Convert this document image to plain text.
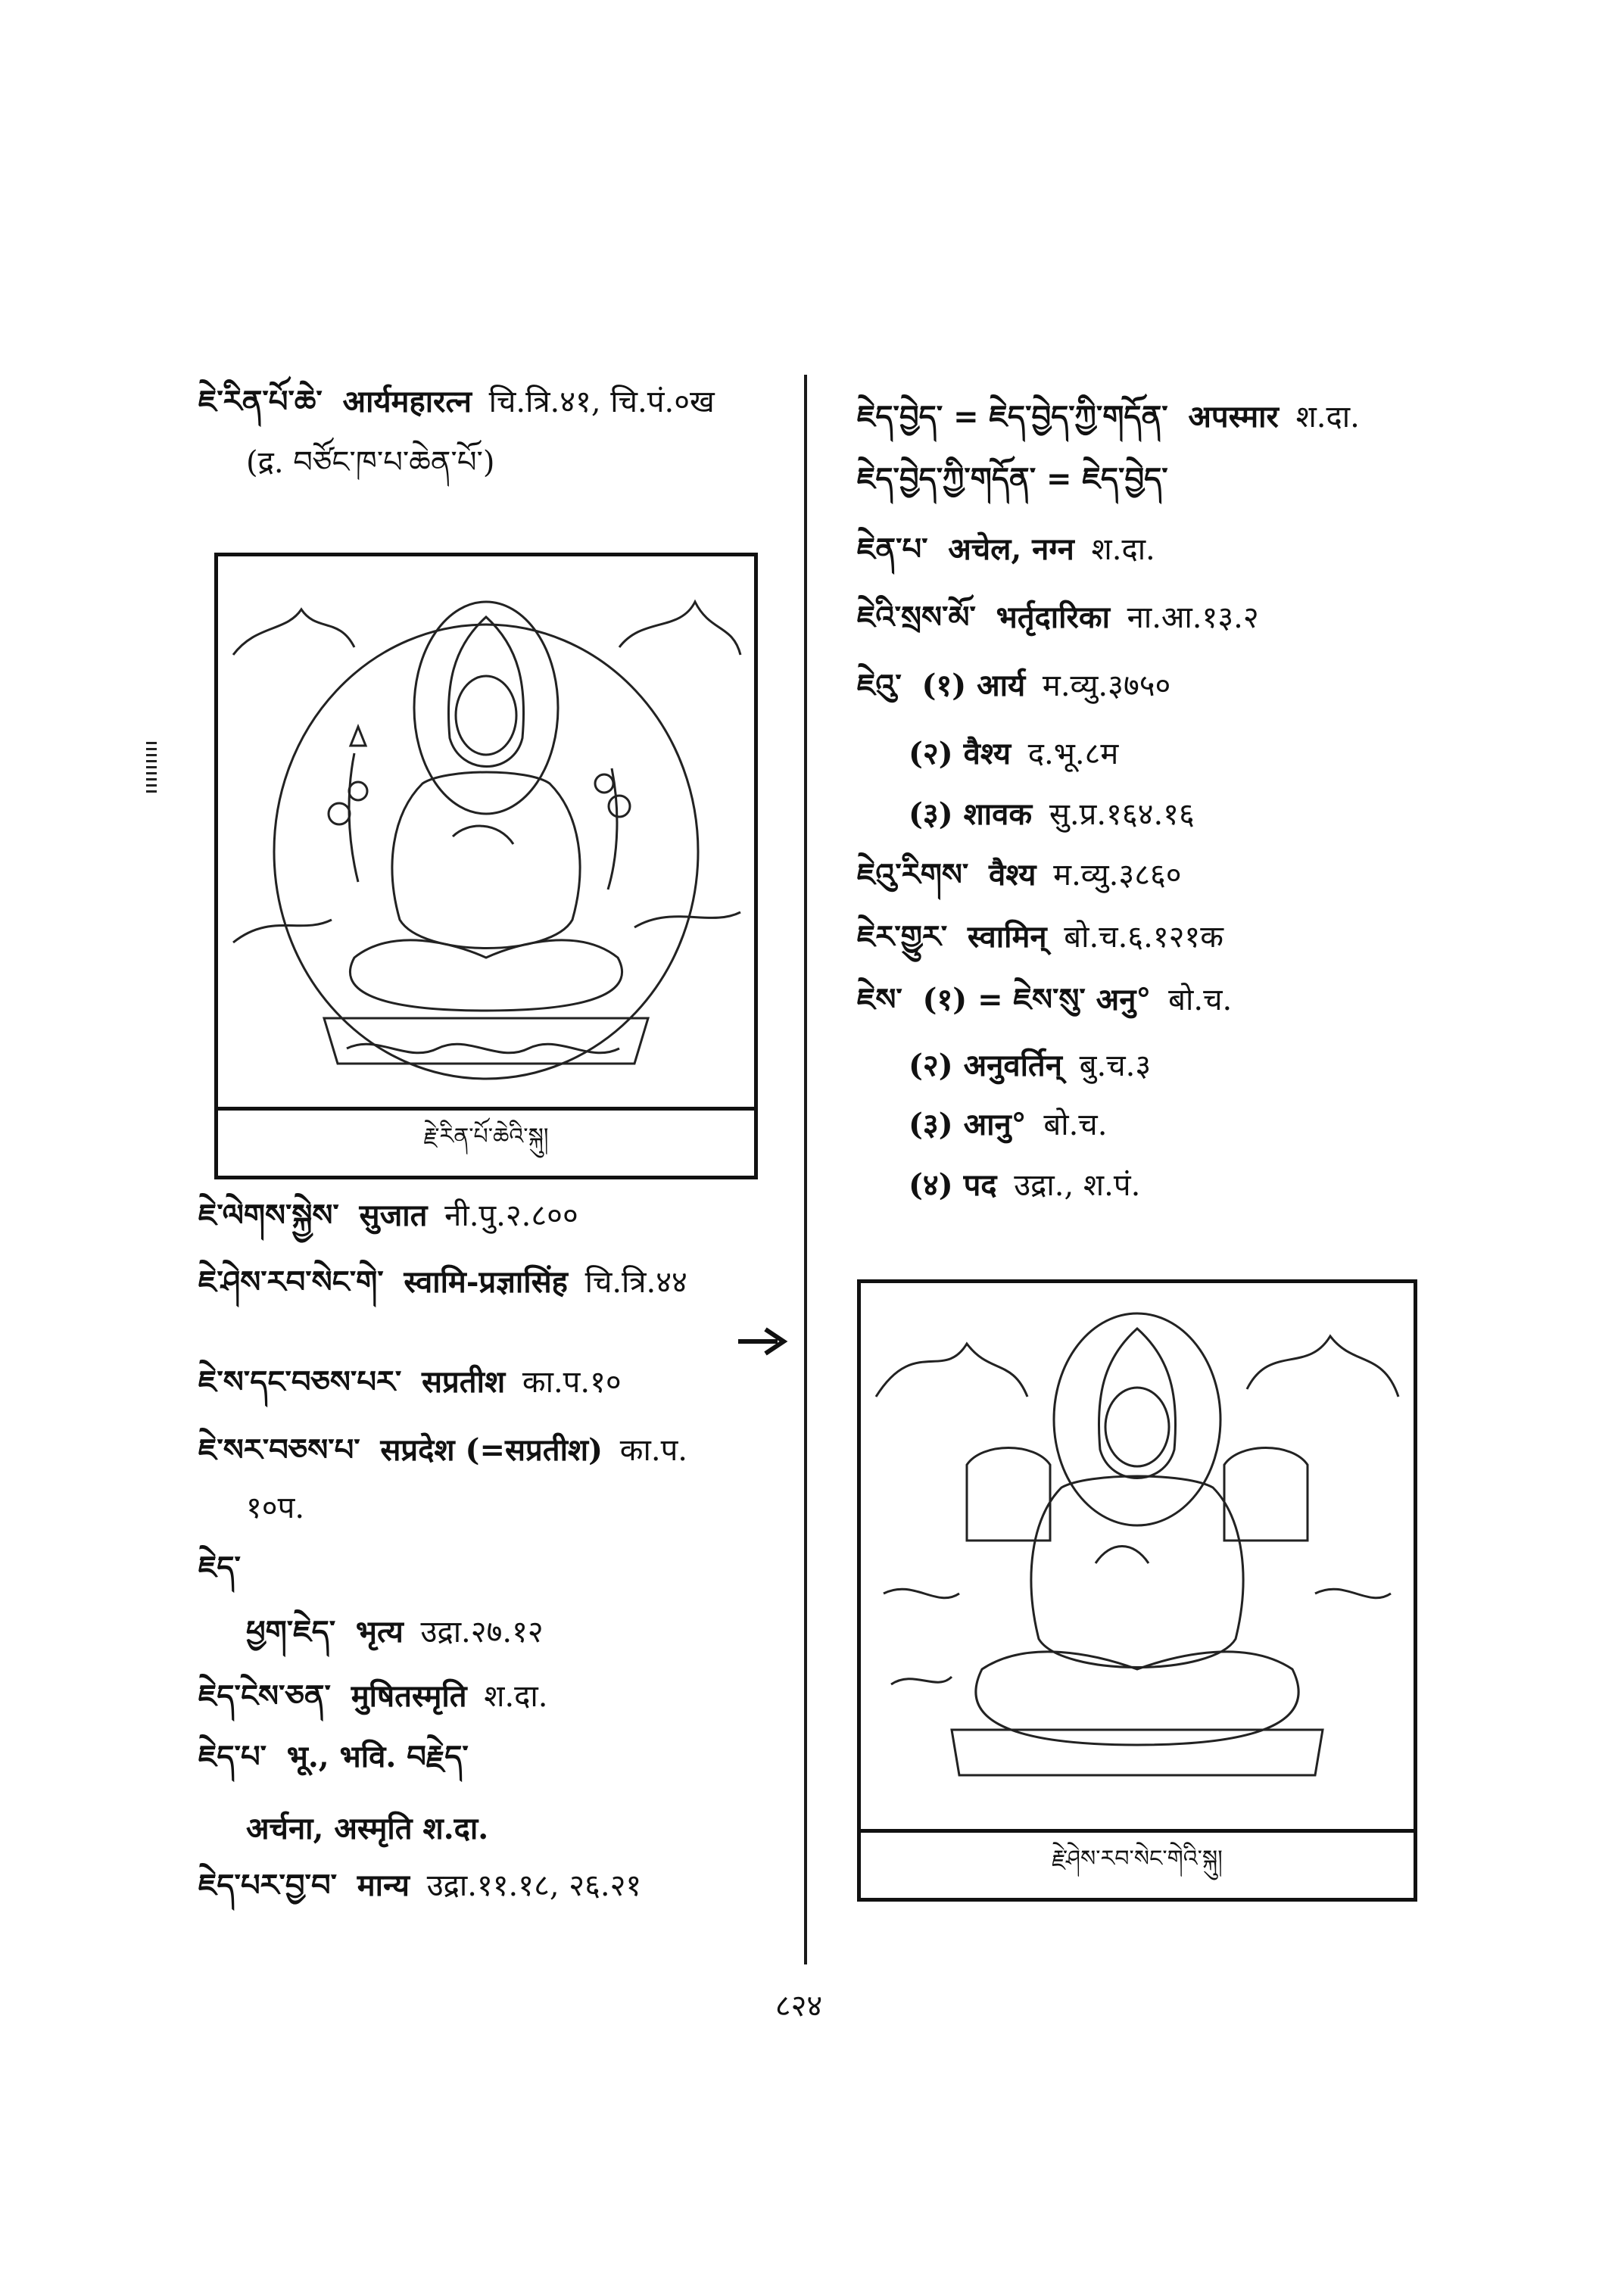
ཇེ་རིན་པོ་ཆེ་ आर्यमहारत्न चि.त्रि.४१, चि.पं.०ख
(द्र. བཙོང་ཁ་པ་ཆེན་པོ་)
རྗེ་རིན་པོ་ཆེའི་སྐུ།
ཇེ་ལེགས་སྐྱེས་ सुजात नी.पु.२.८००
ཇེ་ཤེས་རབ་སེང་གེ་ स्वामि-प्रज्ञासिंह चि.त्रि.४४
ཇེ་ས་དང་བཅས་པར་ सप्रतीश का.प.१०
ཇེ་སར་བཅས་པ་ सप्रदेश (=सप्रतीश) का.प.
१०प.
ཇེད་
ཕྱག་ཇེད་ भृत्य उद्रा.२७.१२
ཇེད་ངེས་ཅན་ मुषितस्मृति श.दा.
ཇེད་པ་ भू., भवि. བརྗེད་
अर्चना, अस्मृति श.दा.
ཇེད་པར་བྱ་བ་ मान्य उद्रा.११.१८, २६.२१
ཇེད་བྱེད་ = ཇེད་བྱེད་ཀྱི་གདོན་ अपस्मार श.दा.
ཇེད་བྱེད་ཀྱི་གདོན་ = ཇེད་བྱེད་
ཇེན་པ་ अचेल, नग्न श.दा.
ཇེའི་སྲས་མོ་ भर्तृदारिका ना.आ.१३.२
ཇེའུ་ (१) आर्य म.व्यु.३७५०
(२) वैश्य द.भू.८म
(३) शावक सु.प्र.१६४.१६
ཇེའུ་རིགས་ वैश्य म.व्यु.३८६०
ཇེར་གྱུར་ स्वामिन् बो.च.६.१२१क
ཇེས་ (१) = ཇེས་སུ་ अनु° बो.च.
(२) अनुवर्तिन् बु.च.३
(३) आनु° बो.च.
(४) पद उद्रा., श.पं.
རྗེ་ཤེས་རབ་སེང་གེའི་སྐུ།
८२४
